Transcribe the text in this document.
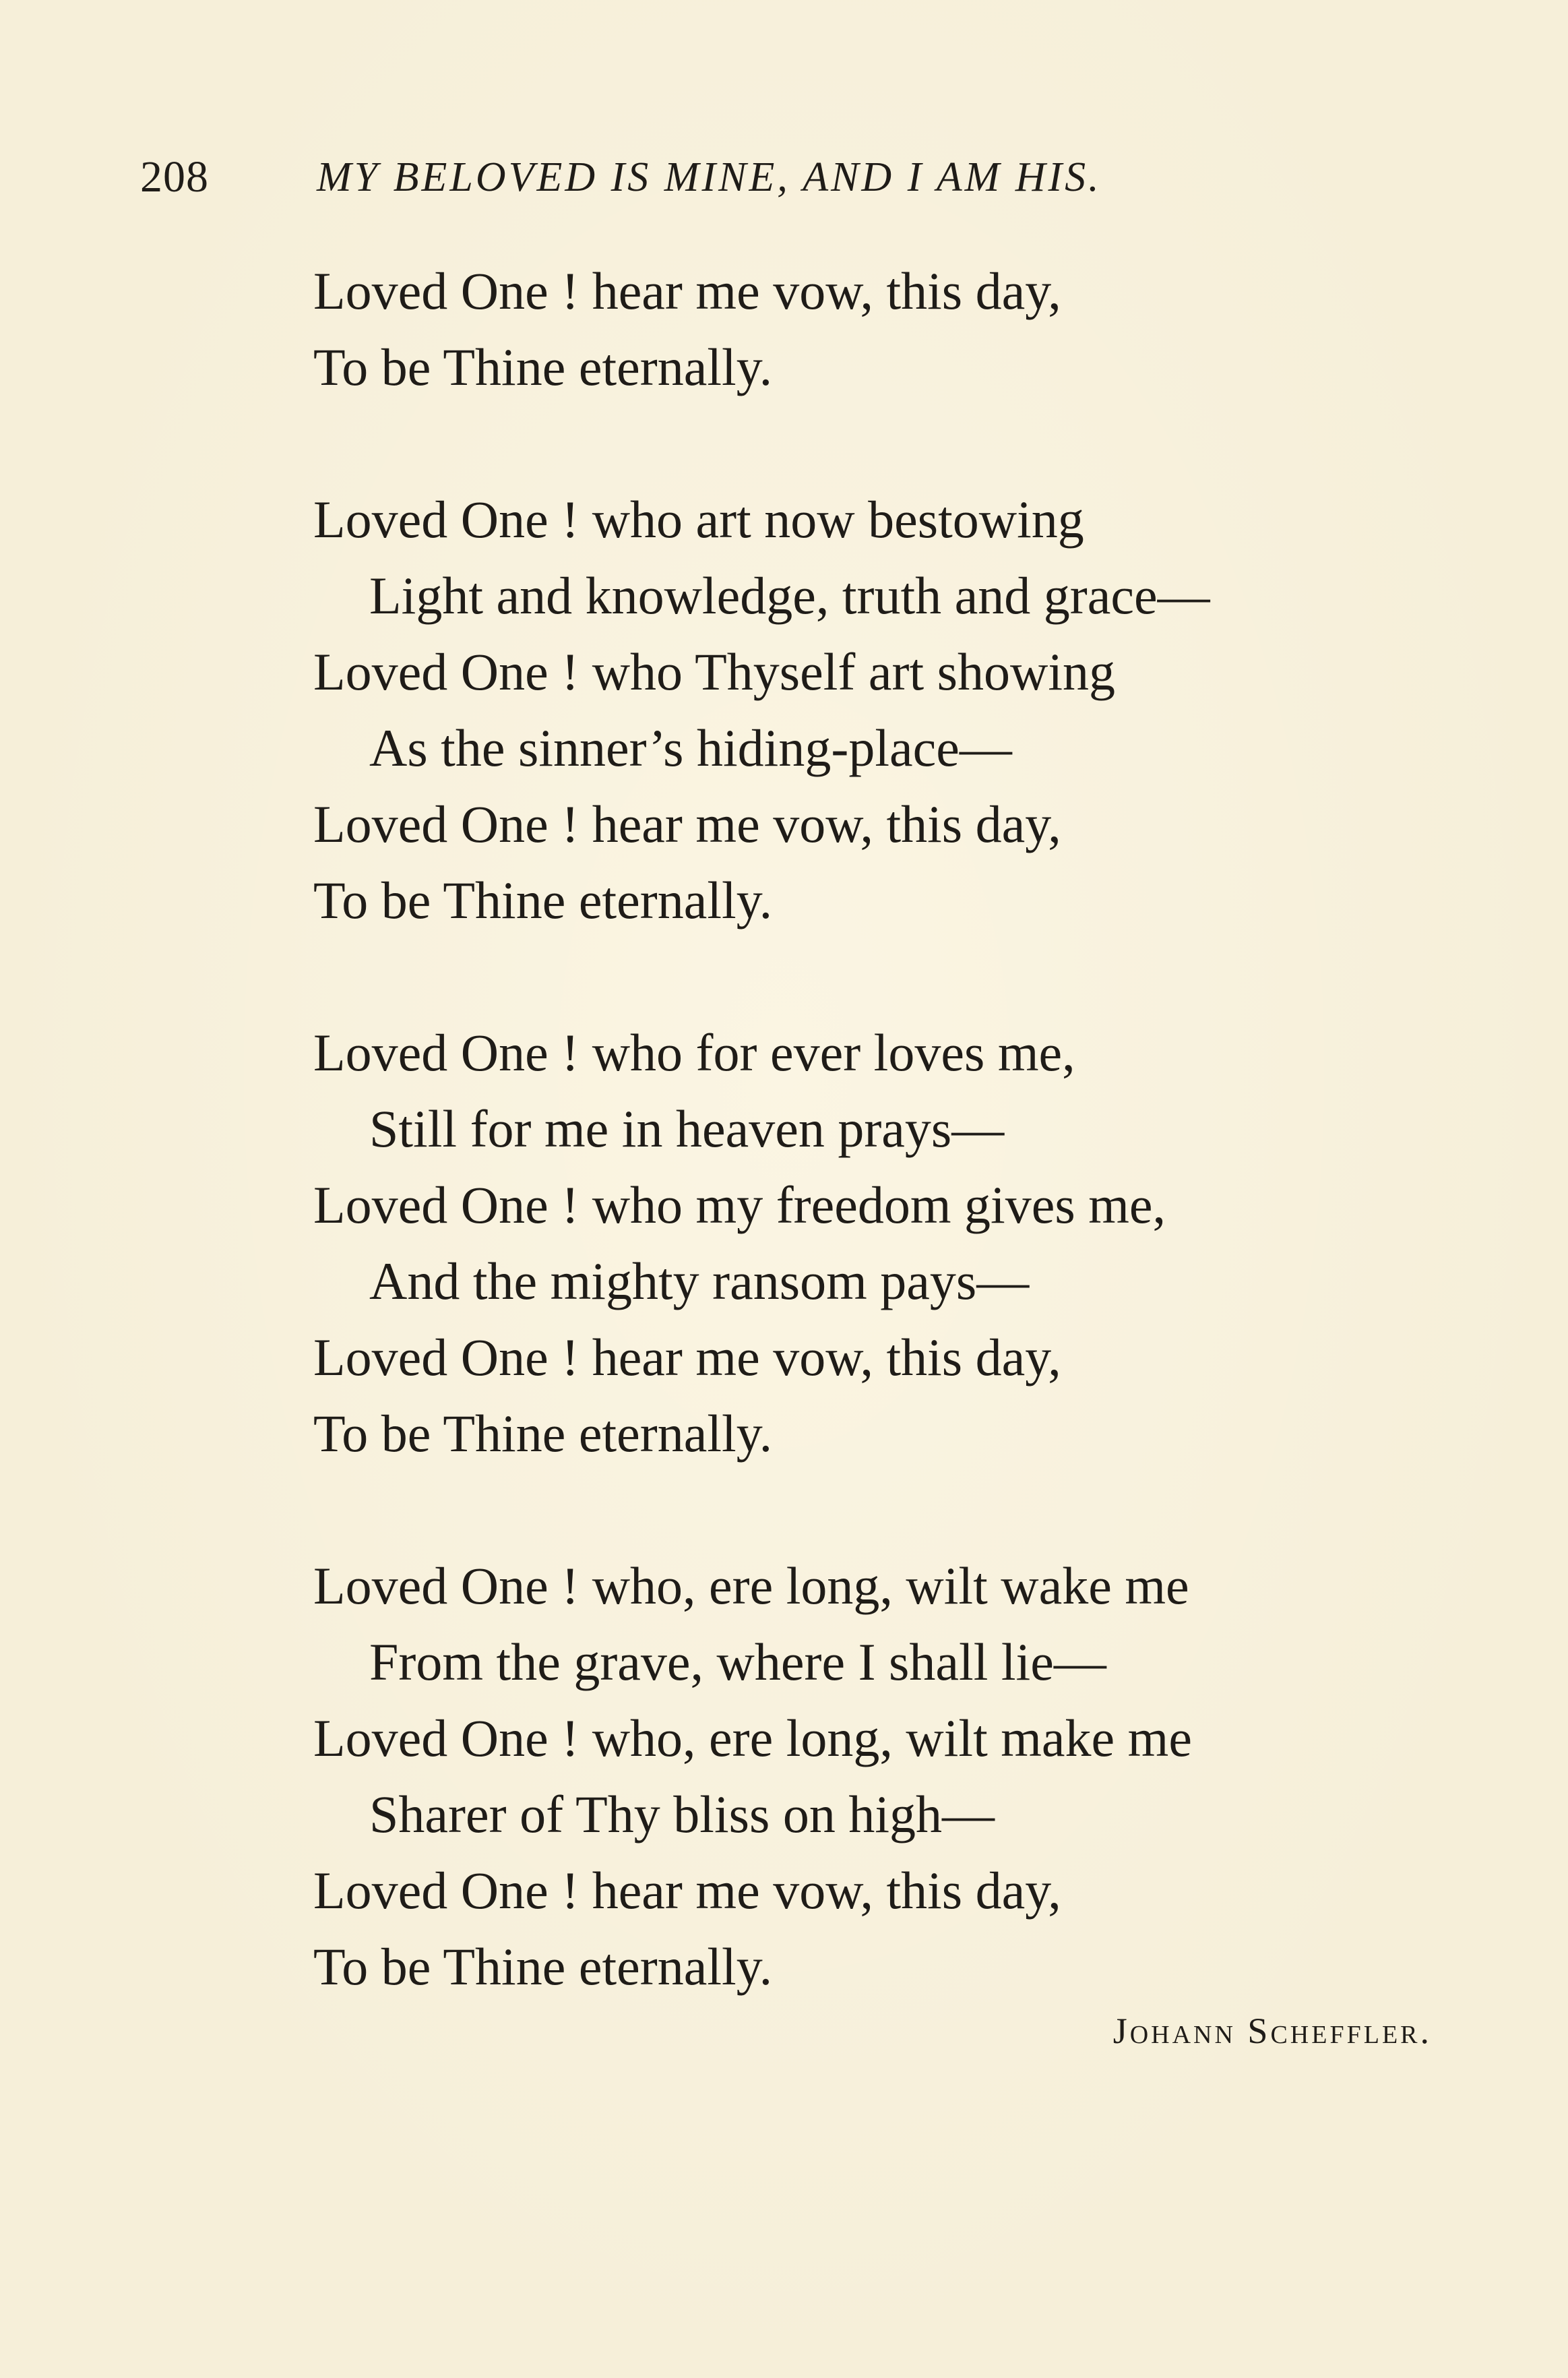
208	MY BELOVED IS MINE, AND I AM HIS.
Loved One ! hear me vow, this day,
To be Thine eternally.
Loved One ! who art now bestowing
Light and knowledge, truth and grace—
Loved One ! who Thyself art showing
As the sinner’s hiding-place—
Loved One ! hear me vow, this day,
To be Thine eternally.
Loved One ! who for ever loves me,
Still for me in heaven prays—
Loved One ! who my freedom gives me,
And the mighty ransom pays—
Loved One ! hear me vow, this day,
To be Thine eternally.
Loved One ! who, ere long, wilt wake me
From the grave, where I shall lie—
Loved One ! who, ere long, wilt make me
Sharer of Thy bliss on high—
Loved One ! hear me vow, this day,
To be Thine eternally.
Johann Scheffler.
